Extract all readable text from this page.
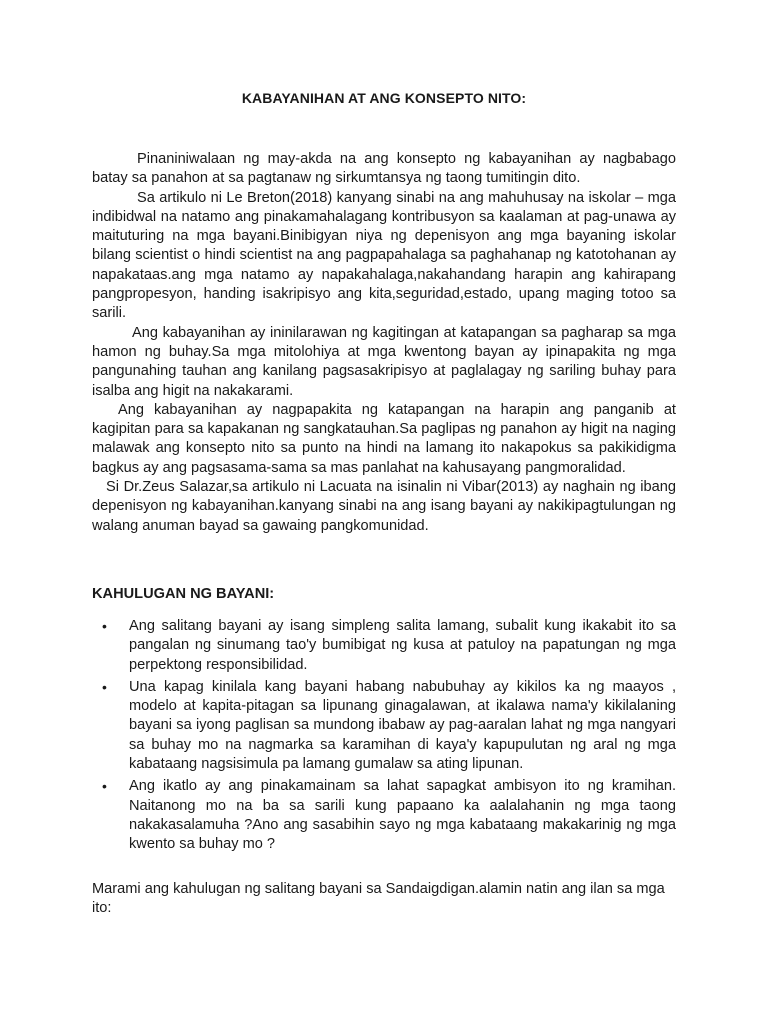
KABAYANIHAN AT ANG KONSEPTO NITO:

Pinaniniwalaan ng may-akda na ang konsepto ng kabayanihan ay nagbabago batay sa panahon at sa pagtanaw ng sirkumtansya ng taong tumitingin dito.

Sa artikulo ni Le Breton(2018) kanyang sinabi na ang mahuhusay na iskolar – mga indibidwal na natamo ang pinakamahalagang kontribusyon sa kaalaman at pag-unawa ay maituturing na mga bayani.Binibigyan niya ng depenisyon ang mga bayaning iskolar bilang scientist o hindi scientist na ang pagpapahalaga sa paghahanap ng katotohanan ay napakataas.ang mga natamo ay napakahalaga,nakahandang harapin ang kahirapang pangpropesyon, handing isakripisyo ang kita,seguridad,estado, upang maging totoo sa sarili.

Ang kabayanihan ay ininilarawan ng kagitingan at katapangan sa pagharap sa mga hamon ng buhay.Sa mga mitolohiya at mga kwentong bayan ay ipinapakita ng mga pangunahing tauhan ang kanilang pagsasakripisyo at paglalagay ng sariling buhay para isalba ang higit na nakakarami.

Ang kabayanihan ay nagpapakita ng katapangan na harapin ang panganib at kagipitan para sa kapakanan ng sangkatauhan.Sa paglipas ng panahon ay higit na naging malawak ang konsepto nito sa punto na hindi na lamang ito nakapokus sa pakikidigma bagkus ay ang pagsasama-sama sa mas panlahat na kahusayang pangmoralidad.

Si Dr.Zeus Salazar,sa artikulo ni Lacuata na isinalin ni Vibar(2013) ay naghain ng ibang depenisyon ng kabayanihan.kanyang sinabi na ang isang bayani ay nakikipagtulungan ng walang anuman bayad sa gawaing pangkomunidad.

KAHULUGAN NG BAYANI:
• Ang salitang bayani ay isang simpleng salita lamang, subalit kung ikakabit ito sa pangalan ng sinumang tao'y bumibigat ng kusa at patuloy na papatungan ng mga perpektong responsibilidad.
• Una kapag kinilala kang bayani habang nabubuhay ay kikilos ka ng maayos , modelo at kapita-pitagan sa lipunang ginagalawan, at ikalawa nama'y kikilalaning bayani sa iyong paglisan sa mundong ibabaw ay pag-aaralan lahat ng mga nangyari sa buhay mo na nagmarka sa karamihan di kaya'y kapupulutan ng aral ng mga kabataang nagsisimula pa lamang gumalaw sa ating lipunan.
• Ang ikatlo ay ang pinakamainam sa lahat sapagkat ambisyon ito ng kramihan. Naitanong mo na ba sa sarili kung papaano ka aalalahanin ng mga taong nakakasalamuha ?Ano ang sasabihin sayo ng mga kabataang makakarinig ng mga kwento sa buhay mo ?

Marami ang kahulugan ng salitang bayani sa Sandaigdigan.alamin natin ang ilan sa mga ito:
